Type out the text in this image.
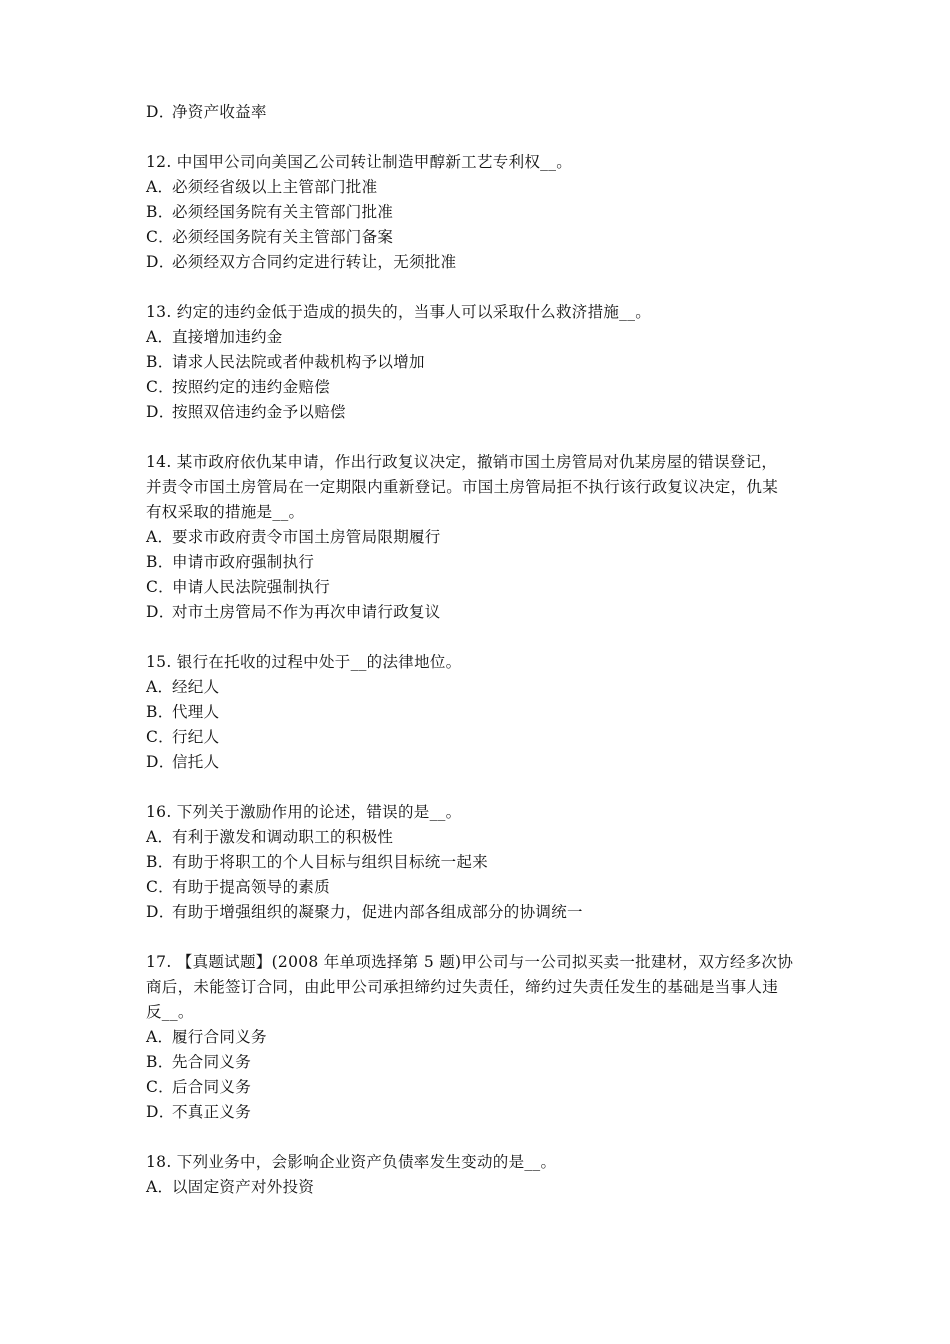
D．净资产收益率
12. 中国甲公司向美国乙公司转让制造甲醇新工艺专利权__。
A．必须经省级以上主管部门批准
B．必须经国务院有关主管部门批准
C．必须经国务院有关主管部门备案
D．必须经双方合同约定进行转让，无须批准
13. 约定的违约金低于造成的损失的，当事人可以采取什么救济措施__。
A．直接增加违约金
B．请求人民法院或者仲裁机构予以增加
C．按照约定的违约金赔偿
D．按照双倍违约金予以赔偿
14. 某市政府依仇某申请，作出行政复议决定，撤销市国土房管局对仇某房屋的错误登记，
并责令市国土房管局在一定期限内重新登记。市国土房管局拒不执行该行政复议决定，仇某
有权采取的措施是__。
A．要求市政府责令市国土房管局限期履行
B．申请市政府强制执行
C．申请人民法院强制执行
D．对市土房管局不作为再次申请行政复议
15. 银行在托收的过程中处于__的法律地位。
A．经纪人
B．代理人
C．行纪人
D．信托人
16. 下列关于激励作用的论述，错误的是__。
A．有利于激发和调动职工的积极性
B．有助于将职工的个人目标与组织目标统一起来
C．有助于提高领导的素质
D．有助于增强组织的凝聚力，促进内部各组成部分的协调统一
17. 【真题试题】(2008 年单项选择第 5 题)甲公司与一公司拟买卖一批建材，双方经多次协
商后，未能签订合同，由此甲公司承担缔约过失责任，缔约过失责任发生的基础是当事人违
反__。
A．履行合同义务
B．先合同义务
C．后合同义务
D．不真正义务
18. 下列业务中，会影响企业资产负债率发生变动的是__。
A．以固定资产对外投资
